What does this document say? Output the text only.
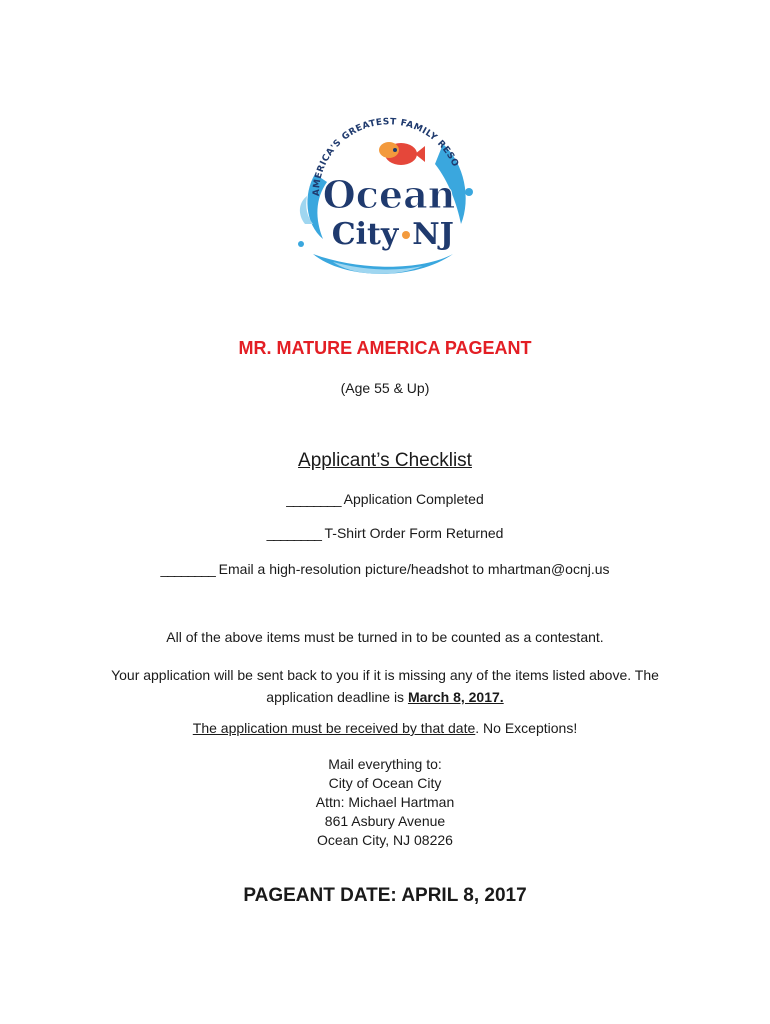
AMERICA'S GREATEST FAMILY RESO
Ocean
City NJ
MR. MATURE AMERICA PAGEANT
(Age 55 & Up)
Applicant’s Checklist
________ Application Completed
________ T-Shirt Order Form Returned
________ Email a high-resolution picture/headshot to mhartman@ocnj.us
All of the above items must be turned in to be counted as a contestant.
Your application will be sent back to you if it is missing any of the items listed above. The
application deadline is March 8, 2017.
The application must be received by that date. No Exceptions!
Mail everything to:
City of Ocean City
Attn: Michael Hartman
861 Asbury Avenue
Ocean City, NJ 08226
PAGEANT DATE: APRIL 8, 2017
